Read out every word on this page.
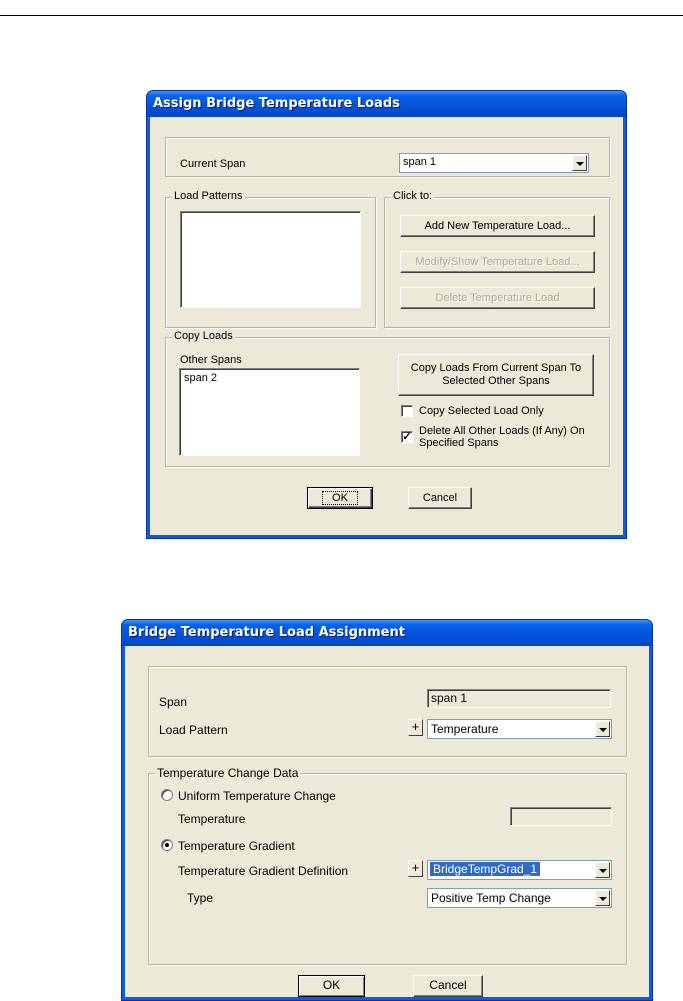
Assign Bridge Temperature Loads
Current Span	span 1
Load Patterns	Click to:
Add New Temperature Load...
Modify/Show Temperature Load...
Delete Temperature Load
Copy Loads
Other Spans
span 2
Copy Loads From Current Span To Selected Other Spans
Copy Selected Load Only
✓ Delete All Other Loads (If Any) On Specified Spans
OK	Cancel
Bridge Temperature Load Assignment
Span	span 1
Load Pattern	+ Temperature
Temperature Change Data
Uniform Temperature Change
Temperature
Temperature Gradient
Temperature Gradient Definition	+	BridgeTempGrad_1
Type	Positive Temp Change
OK	Cancel
